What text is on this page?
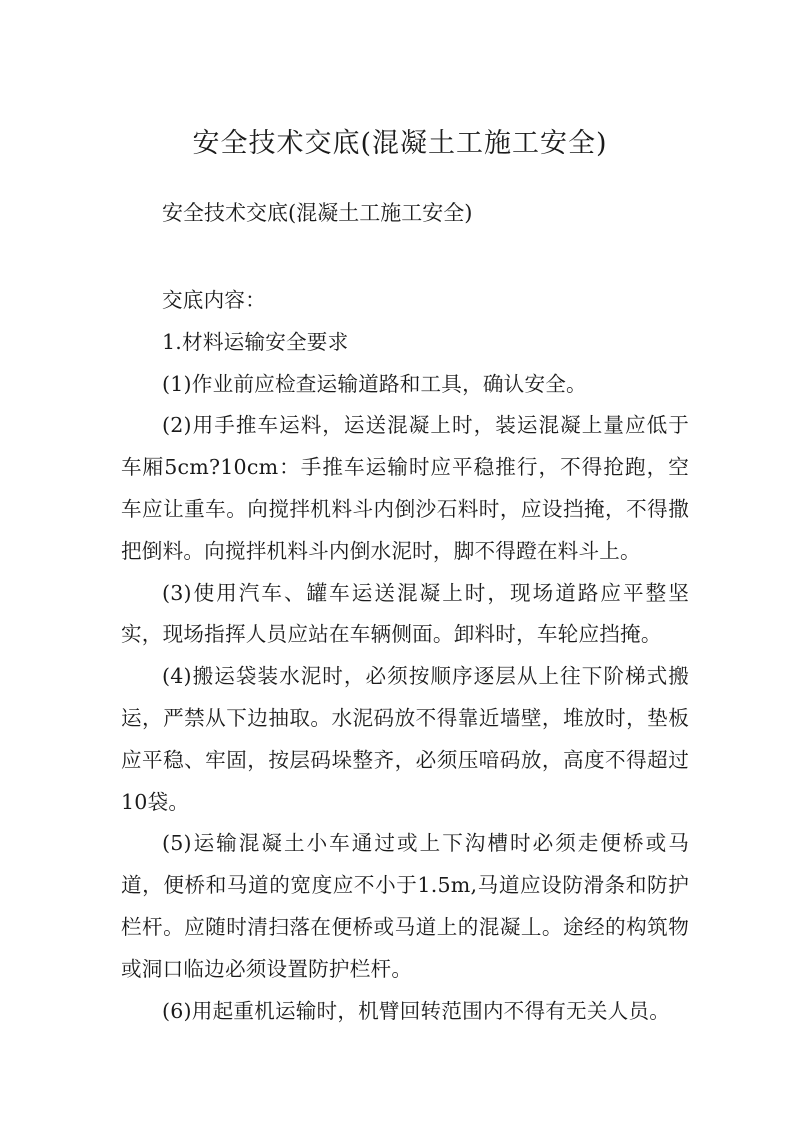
安全技术交底(混凝土工施工安全)
安全技术交底(混凝土工施工安全)

交底内容：

1.材料运输安全要求

(1)作业前应检查运输道路和工具，确认安全。

(2)用手推车运料，运送混凝上时，装运混凝上量应低于车厢5cm?10cm：手推车运输时应平稳推行，不得抢跑，空车应让重车。向搅拌机料斗内倒沙石料时，应设挡掩，不得撒把倒料。向搅拌机料斗内倒水泥时，脚不得蹬在料斗上。

(3)使用汽车、罐车运送混凝上时，现场道路应平整坚实，现场指挥人员应站在车辆侧面。卸料时，车轮应挡掩。

(4)搬运袋装水泥时，必须按顺序逐层从上往下阶梯式搬运，严禁从下边抽取。水泥码放不得靠近墙壁，堆放时，垫板应平稳、牢固，按层码垛整齐，必须压喑码放，高度不得超过10袋。

(5)运输混凝土小车通过或上下沟槽时必须走便桥或马道，便桥和马道的宽度应不小于1.5m,马道应设防滑条和防护栏杆。应随时清扫落在便桥或马道上的混凝丄。途经的构筑物或洞口临边必须设置防护栏杆。

(6)用起重机运输时，机臂回转范围内不得有无关人员。
